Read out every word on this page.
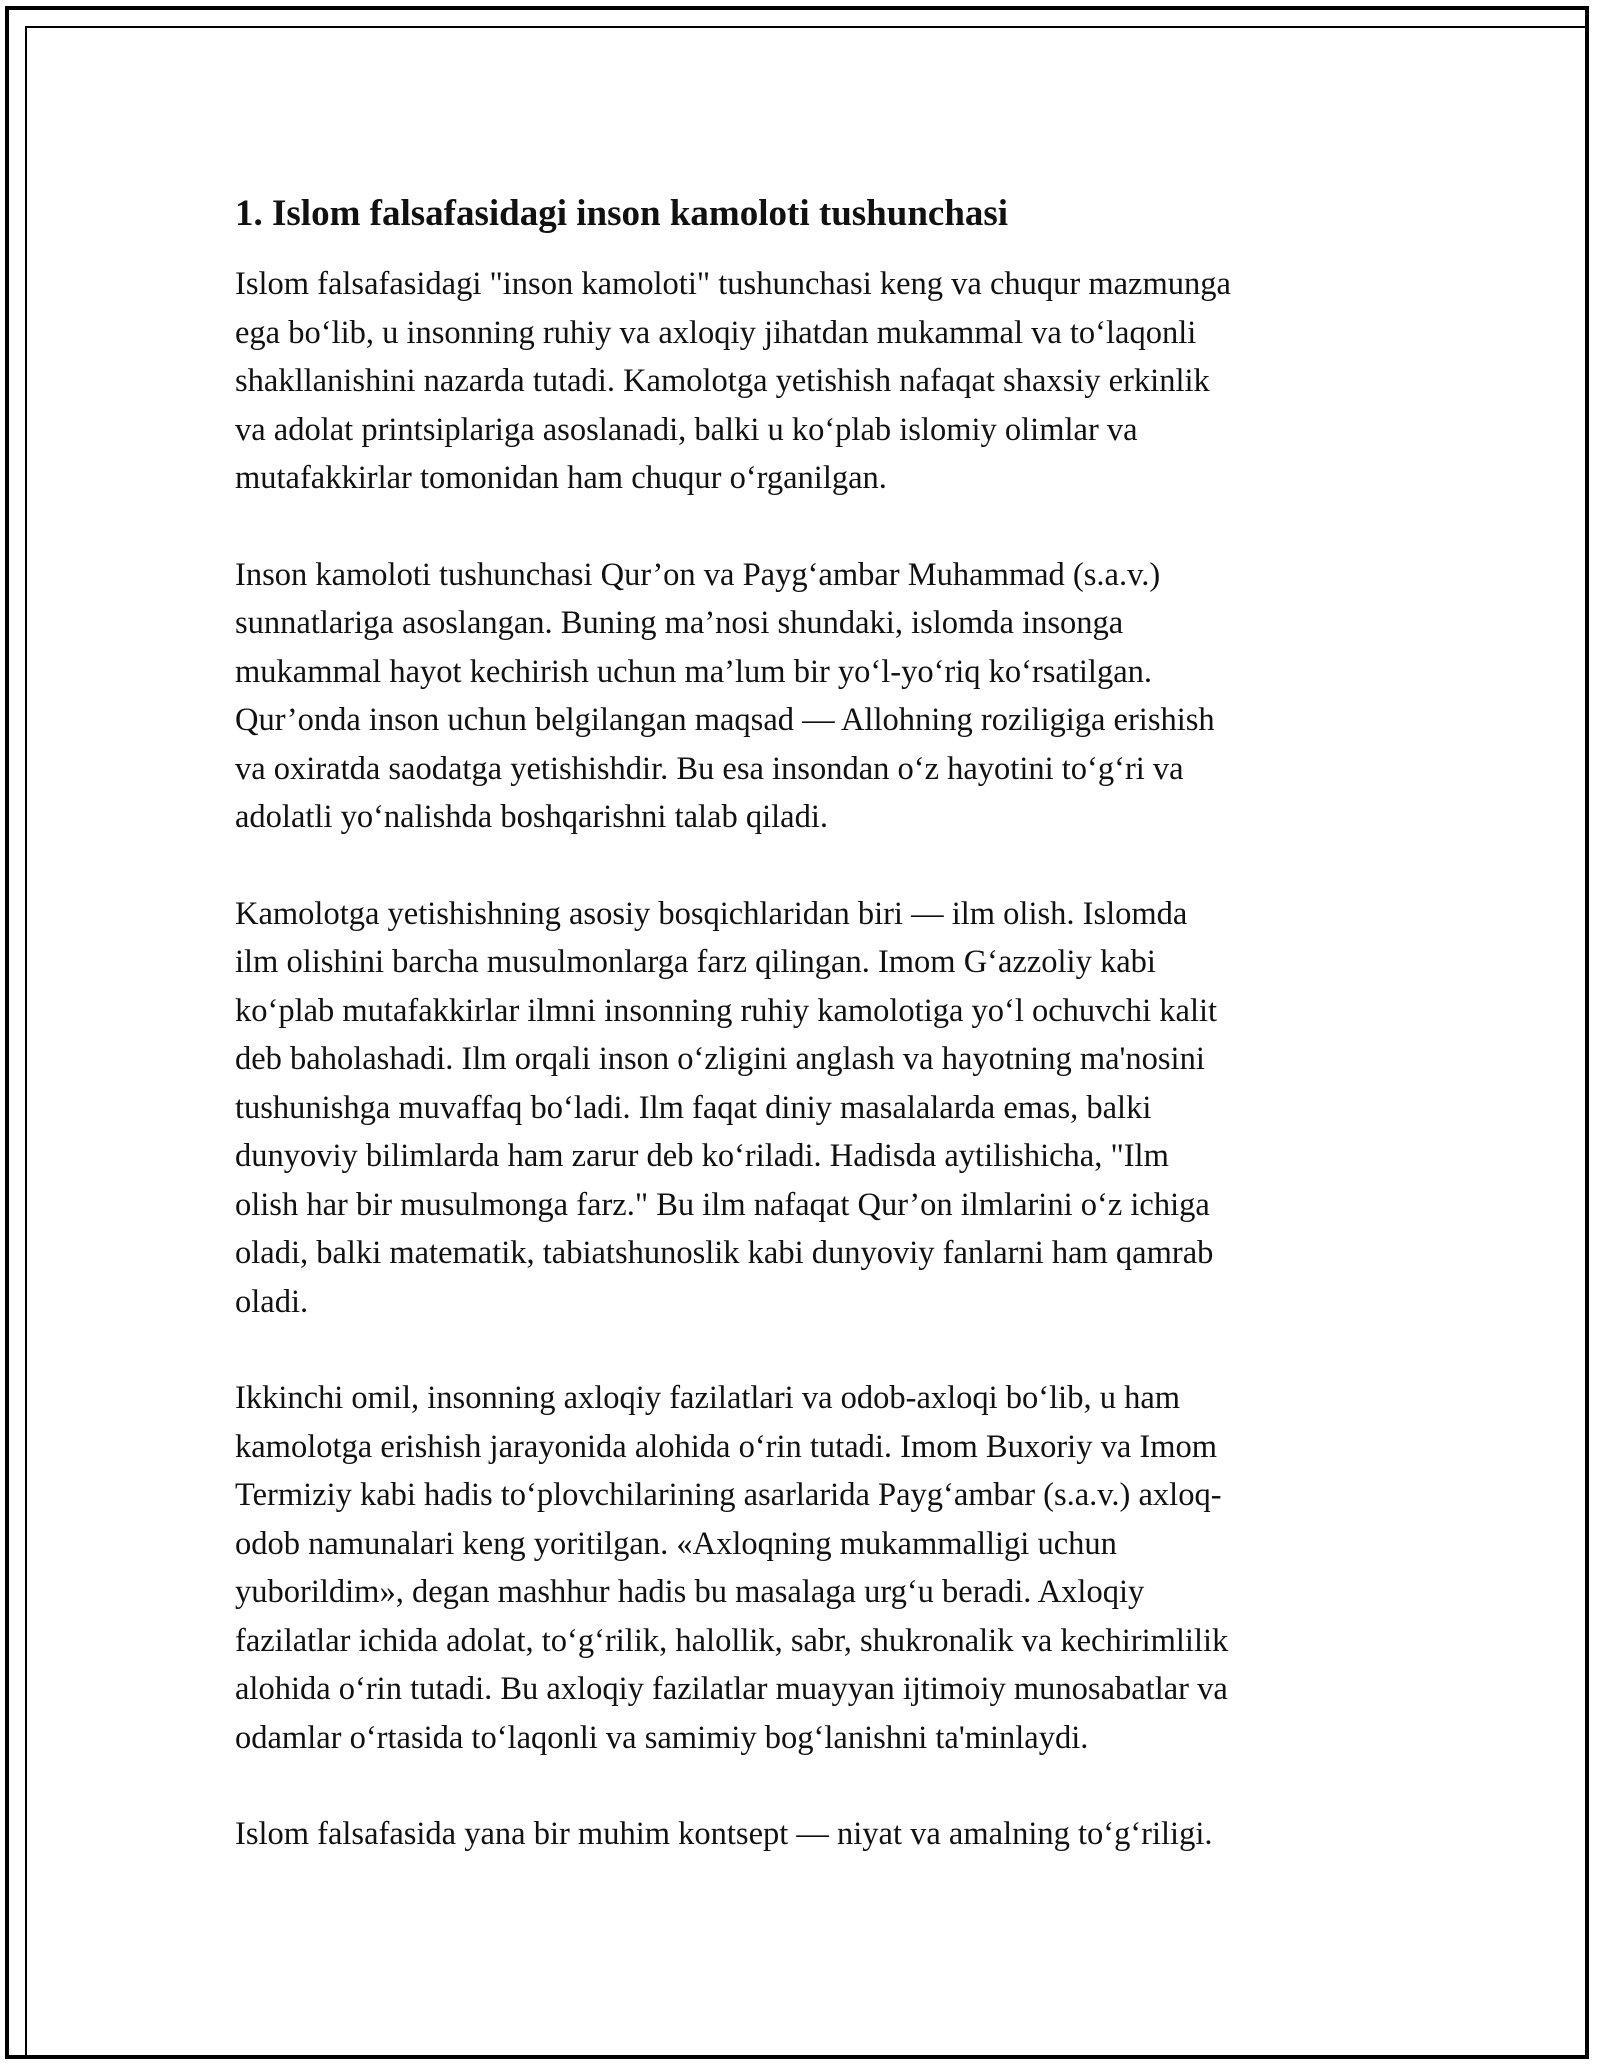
1. Islom falsafasidagi inson kamoloti tushunchasi

Islom falsafasidagi "inson kamoloti" tushunchasi keng va chuqur mazmunga
ega boʻlib, u insonning ruhiy va axloqiy jihatdan mukammal va toʻlaqonli
shakllanishini nazarda tutadi. Kamolotga yetishish nafaqat shaxsiy erkinlik
va adolat printsiplariga asoslanadi, balki u koʻplab islomiy olimlar va
mutafakkirlar tomonidan ham chuqur oʻrganilgan.

Inson kamoloti tushunchasi Qur’on va Paygʻambar Muhammad (s.a.v.)
sunnatlariga asoslangan. Buning ma’nosi shundaki, islomda insonga
mukammal hayot kechirish uchun ma’lum bir yoʻl-yoʻriq koʻrsatilgan.
Qur’onda inson uchun belgilangan maqsad — Allohning roziligiga erishish
va oxiratda saodatga yetishishdir. Bu esa insondan oʻz hayotini toʻgʻri va
adolatli yoʻnalishda boshqarishni talab qiladi.

Kamolotga yetishishning asosiy bosqichlaridan biri — ilm olish. Islomda
ilm olishini barcha musulmonlarga farz qilingan. Imom Gʻazzoliy kabi
koʻplab mutafakkirlar ilmni insonning ruhiy kamolotiga yoʻl ochuvchi kalit
deb baholashadi. Ilm orqali inson oʻzligini anglash va hayotning ma'nosini
tushunishga muvaffaq boʻladi. Ilm faqat diniy masalalarda emas, balki
dunyoviy bilimlarda ham zarur deb koʻriladi. Hadisda aytilishicha, "Ilm
olish har bir musulmonga farz." Bu ilm nafaqat Qur’on ilmlarini oʻz ichiga
oladi, balki matematik, tabiatshunoslik kabi dunyoviy fanlarni ham qamrab
oladi.

Ikkinchi omil, insonning axloqiy fazilatlari va odob-axloqi boʻlib, u ham
kamolotga erishish jarayonida alohida oʻrin tutadi. Imom Buxoriy va Imom
Termiziy kabi hadis toʻplovchilarining asarlarida Paygʻambar (s.a.v.) axloq-
odob namunalari keng yoritilgan. «Axloqning mukammalligi uchun
yuborildim», degan mashhur hadis bu masalaga urgʻu beradi. Axloqiy
fazilatlar ichida adolat, toʻgʻrilik, halollik, sabr, shukronalik va kechirimlilik
alohida oʻrin tutadi. Bu axloqiy fazilatlar muayyan ijtimoiy munosabatlar va
odamlar oʻrtasida toʻlaqonli va samimiy bogʻlanishni ta'minlaydi.

Islom falsafasida yana bir muhim kontsept — niyat va amalning toʻgʻriligi.
